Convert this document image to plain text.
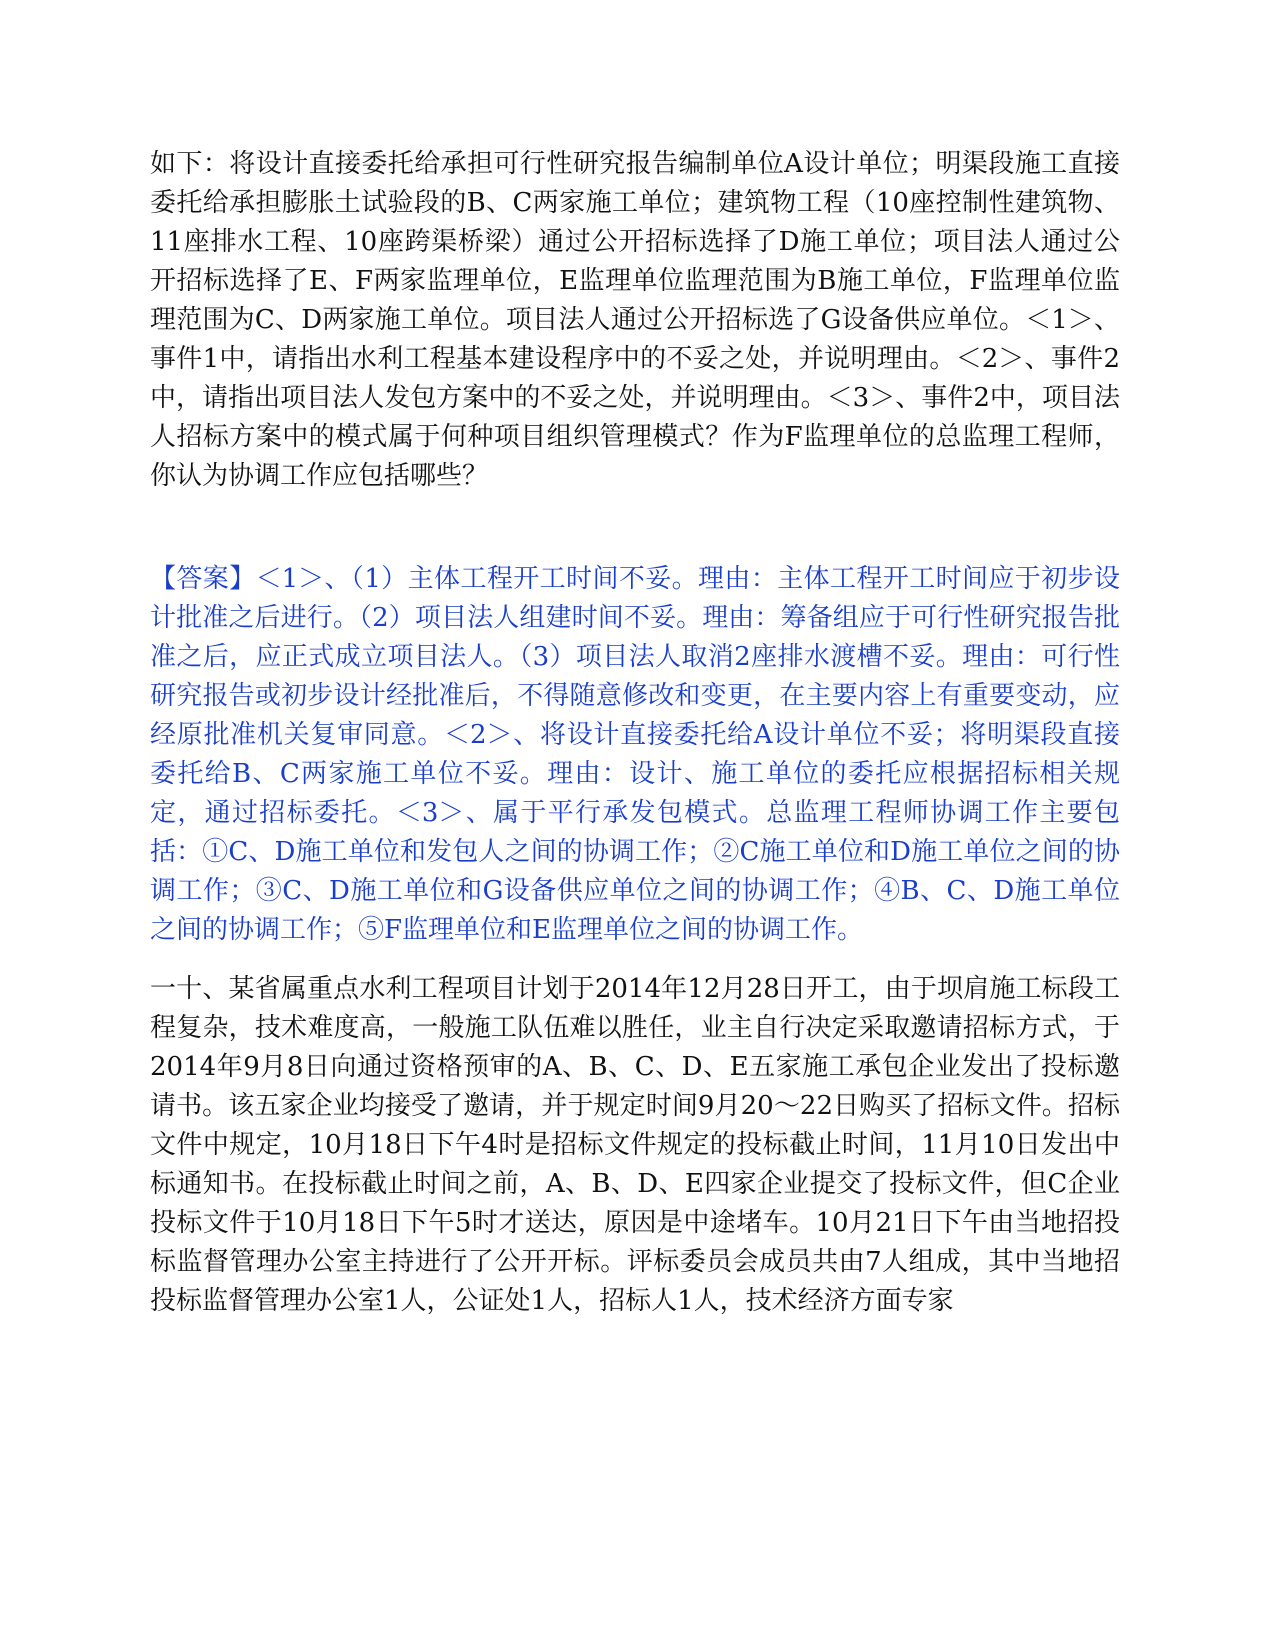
如下：将设计直接委托给承担可行性研究报告编制单位A设计单位；明渠段施工直接委托给承担膨胀土试验段的B、C两家施工单位；建筑物工程（10座控制性建筑物、11座排水工程、10座跨渠桥梁）通过公开招标选择了D施工单位；项目法人通过公开招标选择了E、F两家监理单位，E监理单位监理范围为B施工单位，F监理单位监理范围为C、D两家施工单位。项目法人通过公开招标选了G设备供应单位。＜1＞、事件1中，请指出水利工程基本建设程序中的不妥之处，并说明理由。＜2＞、事件2中，请指出项目法人发包方案中的不妥之处，并说明理由。＜3＞、事件2中，项目法人招标方案中的模式属于何种项目组织管理模式？作为F监理单位的总监理工程师，你认为协调工作应包括哪些？

【答案】＜1＞、（1）主体工程开工时间不妥。理由：主体工程开工时间应于初步设计批准之后进行。（2）项目法人组建时间不妥。理由：筹备组应于可行性研究报告批准之后，应正式成立项目法人。（3）项目法人取消2座排水渡槽不妥。理由：可行性研究报告或初步设计经批准后，不得随意修改和变更，在主要内容上有重要变动，应经原批准机关复审同意。＜2＞、将设计直接委托给A设计单位不妥；将明渠段直接委托给B、C两家施工单位不妥。理由：设计、施工单位的委托应根据招标相关规定，通过招标委托。＜3＞、属于平行承发包模式。总监理工程师协调工作主要包括：①C、D施工单位和发包人之间的协调工作；②C施工单位和D施工单位之间的协调工作；③C、D施工单位和G设备供应单位之间的协调工作；④B、C、D施工单位之间的协调工作；⑤F监理单位和E监理单位之间的协调工作。

一十、某省属重点水利工程项目计划于2014年12月28日开工，由于坝肩施工标段工程复杂，技术难度高，一般施工队伍难以胜任，业主自行决定采取邀请招标方式，于2014年9月8日向通过资格预审的A、B、C、D、E五家施工承包企业发出了投标邀请书。该五家企业均接受了邀请，并于规定时间9月20～22日购买了招标文件。招标文件中规定，10月18日下午4时是招标文件规定的投标截止时间，11月10日发出中标通知书。在投标截止时间之前，A、B、D、E四家企业提交了投标文件，但C企业投标文件于10月18日下午5时才送达，原因是中途堵车。10月21日下午由当地招投标监督管理办公室主持进行了公开开标。评标委员会成员共由7人组成，其中当地招投标监督管理办公室1人，公证处1人，招标人1人，技术经济方面专家
